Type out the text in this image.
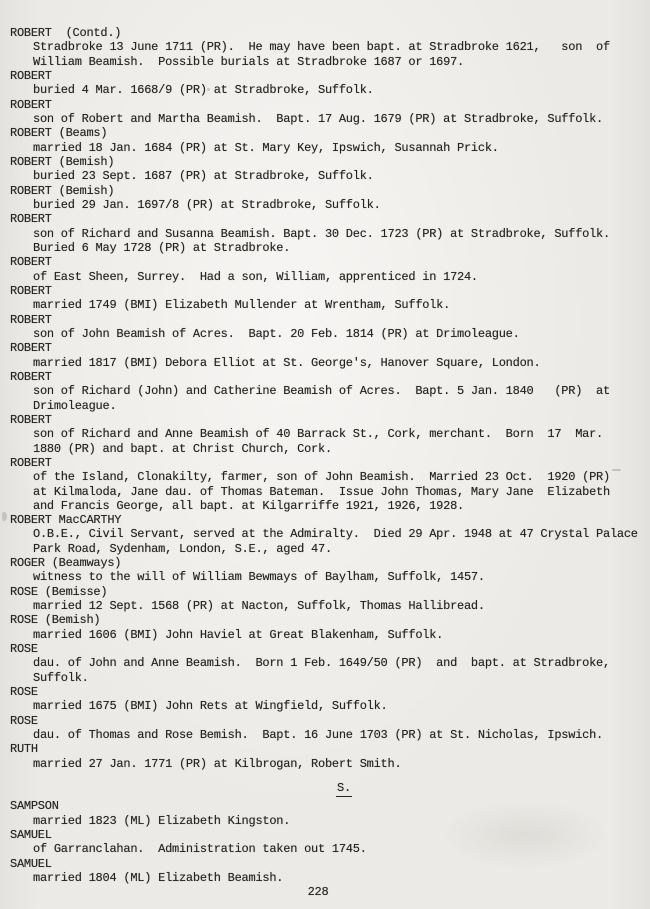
ROBERT  (Contd.)
Stradbroke 13 June 1711 (PR).  He may have been bapt. at Stradbroke 1621,   son  of
William Beamish.  Possible burials at Stradbroke 1687 or 1697.
ROBERT
buried 4 Mar. 1668/9 (PR) at Stradbroke, Suffolk.
ROBERT
son of Robert and Martha Beamish.  Bapt. 17 Aug. 1679 (PR) at Stradbroke, Suffolk.
ROBERT (Beams)
married 18 Jan. 1684 (PR) at St. Mary Key, Ipswich, Susannah Prick.
ROBERT (Bemish)
buried 23 Sept. 1687 (PR) at Stradbroke, Suffolk.
ROBERT (Bemish)
buried 29 Jan. 1697/8 (PR) at Stradbroke, Suffolk.
ROBERT
son of Richard and Susanna Beamish. Bapt. 30 Dec. 1723 (PR) at Stradbroke, Suffolk.
Buried 6 May 1728 (PR) at Stradbroke.
ROBERT
of East Sheen, Surrey.  Had a son, William, apprenticed in 1724.
ROBERT
married 1749 (BMI) Elizabeth Mullender at Wrentham, Suffolk.
ROBERT
son of John Beamish of Acres.  Bapt. 20 Feb. 1814 (PR) at Drimoleague.
ROBERT
married 1817 (BMI) Debora Elliot at St. George's, Hanover Square, London.
ROBERT
son of Richard (John) and Catherine Beamish of Acres.  Bapt. 5 Jan. 1840   (PR)  at
Drimoleague.
ROBERT
son of Richard and Anne Beamish of 40 Barrack St., Cork, merchant.  Born  17  Mar.
1880 (PR) and bapt. at Christ Church, Cork.
ROBERT
of the Island, Clonakilty, farmer, son of John Beamish.  Married 23 Oct.  1920 (PR)
at Kilmaloda, Jane dau. of Thomas Bateman.  Issue John Thomas, Mary Jane  Elizabeth
and Francis George, all bapt. at Kilgarriffe 1921, 1926, 1928.
ROBERT MacCARTHY
O.B.E., Civil Servant, served at the Admiralty.  Died 29 Apr. 1948 at 47 Crystal Palace
Park Road, Sydenham, London, S.E., aged 47.
ROGER (Beamways)
witness to the will of William Bewmays of Baylham, Suffolk, 1457.
ROSE (Bemisse)
married 12 Sept. 1568 (PR) at Nacton, Suffolk, Thomas Hallibread.
ROSE (Bemish)
married 1606 (BMI) John Haviel at Great Blakenham, Suffolk.
ROSE
dau. of John and Anne Beamish.  Born 1 Feb. 1649/50 (PR)  and  bapt. at Stradbroke,
Suffolk.
ROSE
married 1675 (BMI) John Rets at Wingfield, Suffolk.
ROSE
dau. of Thomas and Rose Bemish.  Bapt. 16 June 1703 (PR) at St. Nicholas, Ipswich.
RUTH
married 27 Jan. 1771 (PR) at Kilbrogan, Robert Smith.
S.
SAMPSON
married 1823 (ML) Elizabeth Kingston.
SAMUEL
of Garranclahan.  Administration taken out 1745.
SAMUEL
married 1804 (ML) Elizabeth Beamish.
228
